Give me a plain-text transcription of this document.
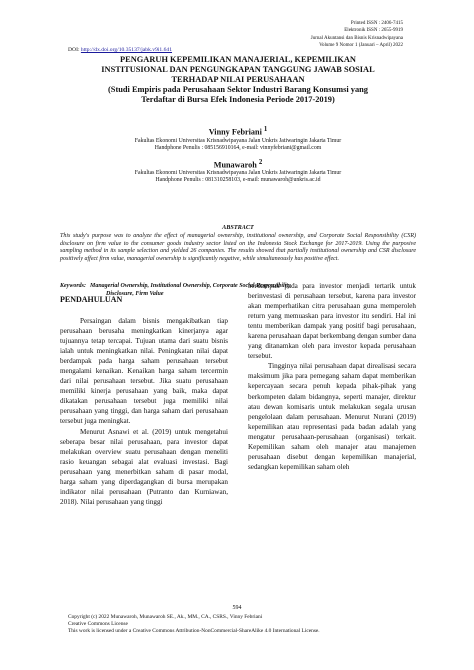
Printed ISSN : 2406-7415
Elektronik ISSN : 2655-9919
Jurnal Akuntansi dan Bisnis Krisnadwipayana
Volume 9 Nomor 1 (Januari – April) 2022
DOI: http://dx.doi.org/10.35137/jabk.v9i1.641
PENGARUH KEPEMILIKAN MANAJERIAL, KEPEMILIKAN
INSTITUSIONAL DAN PENGUNGKAPAN TANGGUNG JAWAB SOSIAL
TERHADAP NILAI PERUSAHAAN
(Studi Empiris pada Perusahaan Sektor Industri Barang Konsumsi yang
Terdaftar di Bursa Efek Indonesia Periode 2017-2019)
Vinny Febriani $^1$
Fakultas Ekonomi Universitas Krisnadwipayana Jalan Unkris Jatiwaringin Jakarta Timur
Handphone Penulis : 085156910164, e-mail: vinnyfebriani@gmail.com
Munawaroh $^2$
Fakultas Ekonomi Universitas Krisnadwipayana Jalan Unkris Jatiwaringin Jakarta Timur
Handphone Penulis : 081310258103, e-mail: munawaroh@unkris.ac.id
ABSTRACT
This study's purpose was to analyze the effect of managerial ownership, institutional ownership, and Corporate Social Responsibility (CSR) disclosure on firm value to the consumer goods industry sector listed on the Indonesia Stock Exchange for 2017-2019. Using the purposive sampling method in its sample selection and yielded 26 companies. The results showed that partially institutional ownership and CSR disclosure positively affect firm value, managerial ownership is significantly negative, while simultaneously has positive effect.
Keywords: Managerial Ownership, Institutional Ownership, Corporate Social Responsibility
Disclosure, Firm Value
PENDAHULUAN

Persaingan dalam bisnis mengakibatkan tiap perusahaan berusaha meningkatkan kinerjanya agar tujuannya tetap tercapai. Tujuan utama dari suatu bisnis ialah untuk meningkatkan nilai. Peningkatan nilai dapat berdampak pada harga saham perusahaan tersebut mengalami kenaikan. Kenaikan harga saham tercermin dari nilai perusahaan tersebut. Jika suatu perusahaan memiliki kinerja perusahaan yang baik, maka dapat dikatakan perusahaan tersebut juga memiliki nilai perusahaan yang tinggi, dan harga saham dari perusahaan tersebut juga meningkat.

Menurut Asnawi et al. (2019) untuk mengetahui seberapa besar nilai perusahaan, para investor dapat melakukan overview suatu perusahaan dengan meneliti rasio keuangan sebagai alat evaluasi investasi. Bagi perusahaan yang menerbitkan saham di pasar modal, harga saham yang diperdagangkan di bursa merupakan indikator nilai perusahaan (Putranto dan Kurniawan, 2018). Nilai perusahaan yang tinggi

berdampak pada para investor menjadi tertarik untuk berinvestasi di perusahaan tersebut, karena para investor akan memperhatikan citra perusahaan guna memperoleh return yang memuaskan para investor itu sendiri. Hal ini tentu memberikan dampak yang positif bagi perusahaan, karena perusahaan dapat berkembang dengan sumber dana yang ditanamkan oleh para investor kepada perusahaan tersebut.

Tingginya nilai perusahaan dapat direalisasi secara maksimum jika para pemegang saham dapat memberikan kepercayaan secara penuh kepada pihak-pihak yang berkompeten dalam bidangnya, seperti manajer, direktur atau dewan komisaris untuk melakukan segala urusan pengelolaan dalam perusahaan. Menurut Nurani (2019) kepemilikan atau representasi pada badan adalah yang mengatur perusahaan-perusahaan (organisasi) terkait. Kepemilikan saham oleh manajer atau manajemen perusahaan disebut dengan kepemilikan manajerial, sedangkan kepemilikan saham oleh

594

Copyright (c) 2022 Munawaroh, Munawaroh SE., Ak., MM., CA., CSRS., Vinny Febriani

Creative Commons License

This work is licensed under a Creative Commons Attribution-NonCommercial-ShareAlike 4.0 International License.
